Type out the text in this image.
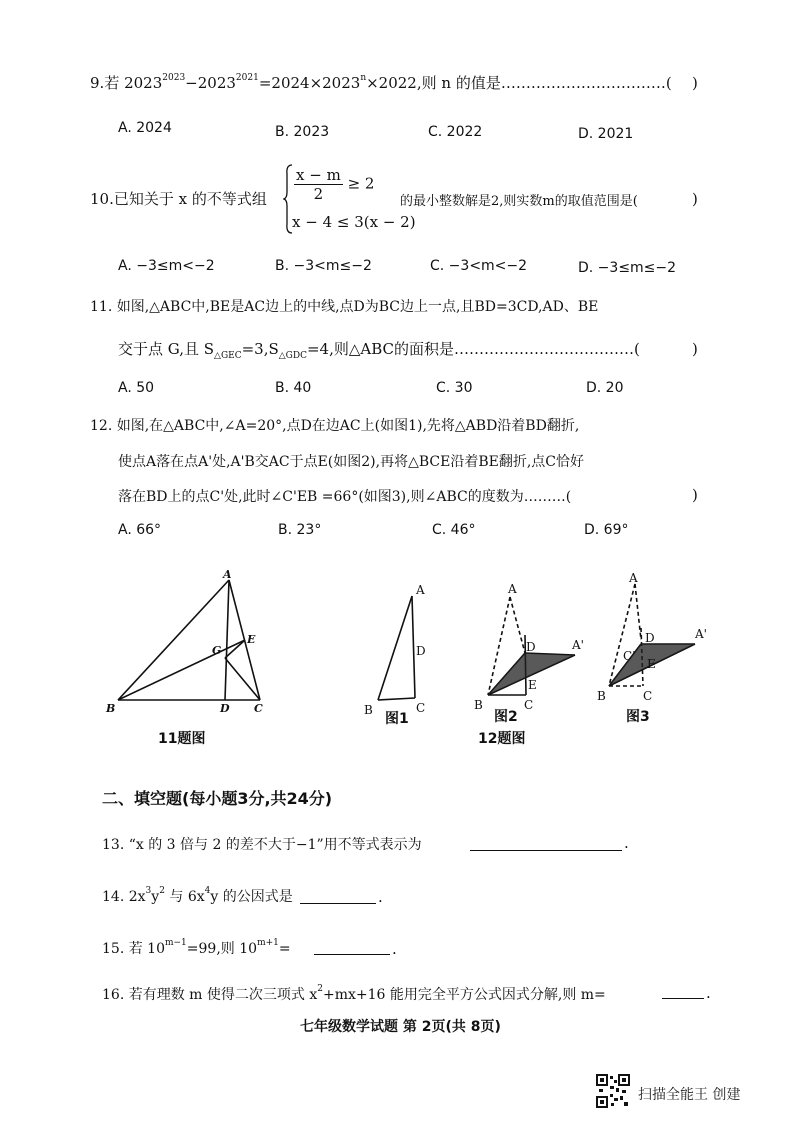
9.若 $2023^{2023}-2023^{2021}=2024\times 2023^n\times 2022$,则 n 的值是……………………………( )
A. 2024	B. 2023	C. 2022	D. 2021
10.已知关于 x 的不等式组 $\frac{x - m}{2} \ge 2$
x − 4 ≤ 3(x − 2)
的最小整数解是2,则实数m的取值范围是(	)
A. −3≤m<−2	B. −3<m≤−2	C. −3<m<−2	D. −3≤m≤−2
11. 如图,△ABC中,BE是AC边上的中线,点D为BC边上一点,且BD=3CD,AD、BE
交于点 G,且 $S_{\triangle GEC}=3,S_{\triangle GDC}=4$,则△ABC的面积是………………………………(	)
A. 50	B. 40	C. 30	D. 20
12. 如图,在△ABC中,∠A=20°,点D在边AC上(如图1),先将△ABD沿着BD翻折,
使点A落在点A'处,A'B交AC于点E(如图2),再将△BCE沿着BE翻折,点C恰好
落在BD上的点C'处,此时∠C'EB =66°(如图3),则∠ABC的度数为………(	)
A. 66°	B. 23°	C. 46°	D. 69°
A
B	C
D
E
G
11题图
A
D
B	C
图1
A
D	A'
E
B	C
图2
12题图
A
D	A'
C'
E
B	C
图3
二、填空题(每小题3分,共24分)
13. “x 的 3 倍与 2 的差不大于−1”用不等式表示为	.
14. $2x^3y^2$ 与 $6x^4y$ 的公因式是	.
15. 若 $10^{m-1}=99$,则 $10^{m+1}=$	.
16. 若有理数 m 使得二次三项式 $x^2+mx+16$ 能用完全平方公式因式分解,则 m=	.
七年级数学试题 第 2页(共 8页)
扫描全能王 创建
